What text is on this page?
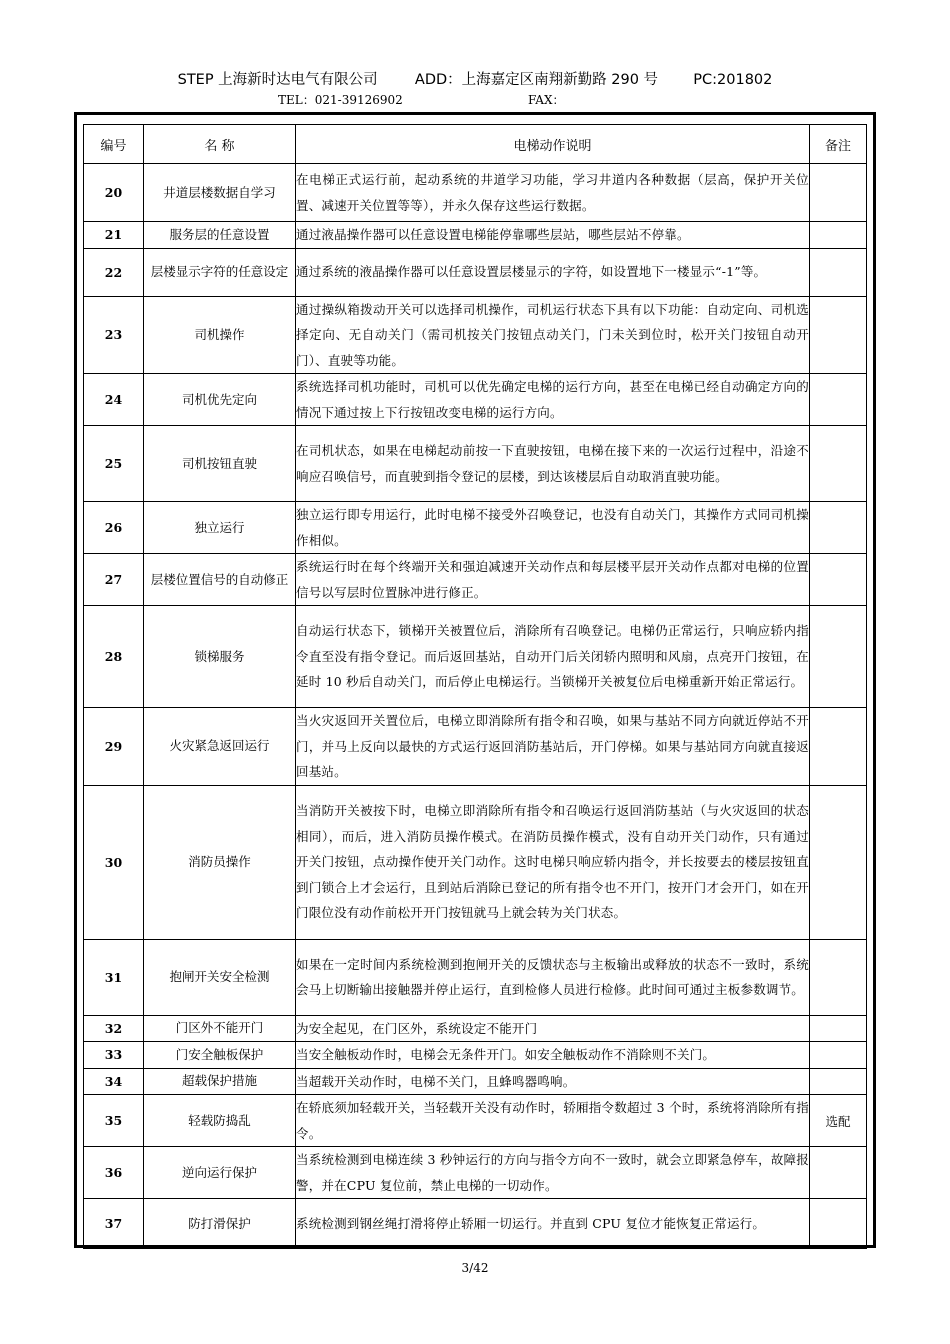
STEP 上海新时达电气有限公司	ADD：上海嘉定区南翔新勤路 290 号 PC:201802
TEL：021-39126902	FAX：
编号	名 称	电梯动作说明	备注
20	井道层楼数据自学习	在电梯正式运行前，起动系统的井道学习功能，学习井道内各种数据（层高，保护开关位置、减速开关位置等等），并永久保存这些运行数据。	
21	服务层的任意设置	通过液晶操作器可以任意设置电梯能停靠哪些层站，哪些层站不停靠。	
22	层楼显示字符的任意设定	通过系统的液晶操作器可以任意设置层楼显示的字符，如设置地下一楼显示“-1”等。	
23	司机操作	通过操纵箱拨动开关可以选择司机操作，司机运行状态下具有以下功能：自动定向、司机选择定向、无自动关门（需司机按关门按钮点动关门，门未关到位时，松开关门按钮自动开门）、直驶等功能。	
24	司机优先定向	系统选择司机功能时，司机可以优先确定电梯的运行方向，甚至在电梯已经自动确定方向的情况下通过按上下行按钮改变电梯的运行方向。	
25	司机按钮直驶	在司机状态，如果在电梯起动前按一下直驶按钮，电梯在接下来的一次运行过程中，沿途不响应召唤信号，而直驶到指令登记的层楼，到达该楼层后自动取消直驶功能。	
26	独立运行	独立运行即专用运行，此时电梯不接受外召唤登记，也没有自动关门，其操作方式同司机操作相似。	
27	层楼位置信号的自动修正	系统运行时在每个终端开关和强迫减速开关动作点和每层楼平层开关动作点都对电梯的位置信号以写层时位置脉冲进行修正。	
28	锁梯服务	自动运行状态下，锁梯开关被置位后，消除所有召唤登记。电梯仍正常运行，只响应轿内指令直至没有指令登记。而后返回基站，自动开门后关闭轿内照明和风扇，点亮开门按钮，在延时 10 秒后自动关门，而后停止电梯运行。当锁梯开关被复位后电梯重新开始正常运行。	
29	火灾紧急返回运行	当火灾返回开关置位后，电梯立即消除所有指令和召唤，如果与基站不同方向就近停站不开门，并马上反向以最快的方式运行返回消防基站后，开门停梯。如果与基站同方向就直接返回基站。	
30	消防员操作	当消防开关被按下时，电梯立即消除所有指令和召唤运行返回消防基站（与火灾返回的状态相同），而后，进入消防员操作模式。在消防员操作模式，没有自动开关门动作，只有通过开关门按钮，点动操作使开关门动作。这时电梯只响应轿内指令，并长按要去的楼层按钮直到门锁合上才会运行，且到站后消除已登记的所有指令也不开门，按开门才会开门，如在开门限位没有动作前松开开门按钮就马上就会转为关门状态。	
31	抱闸开关安全检测	如果在一定时间内系统检测到抱闸开关的反馈状态与主板输出或释放的状态不一致时，系统会马上切断输出接触器并停止运行，直到检修人员进行检修。此时间可通过主板参数调节。	
32	门区外不能开门	为安全起见，在门区外，系统设定不能开门	
33	门安全触板保护	当安全触板动作时，电梯会无条件开门。如安全触板动作不消除则不关门。	
34	超载保护措施	当超载开关动作时，电梯不关门，且蜂鸣器鸣响。	
35	轻载防捣乱	在轿底须加轻载开关，当轻载开关没有动作时，轿厢指令数超过 3 个时，系统将消除所有指令。	选配
36	逆向运行保护	当系统检测到电梯连续 3 秒钟运行的方向与指令方向不一致时，就会立即紧急停车，故障报警，并在CPU 复位前，禁止电梯的一切动作。	
37	防打滑保护	系统检测到钢丝绳打滑将停止轿厢一切运行。并直到 CPU 复位才能恢复正常运行。	
3/42
